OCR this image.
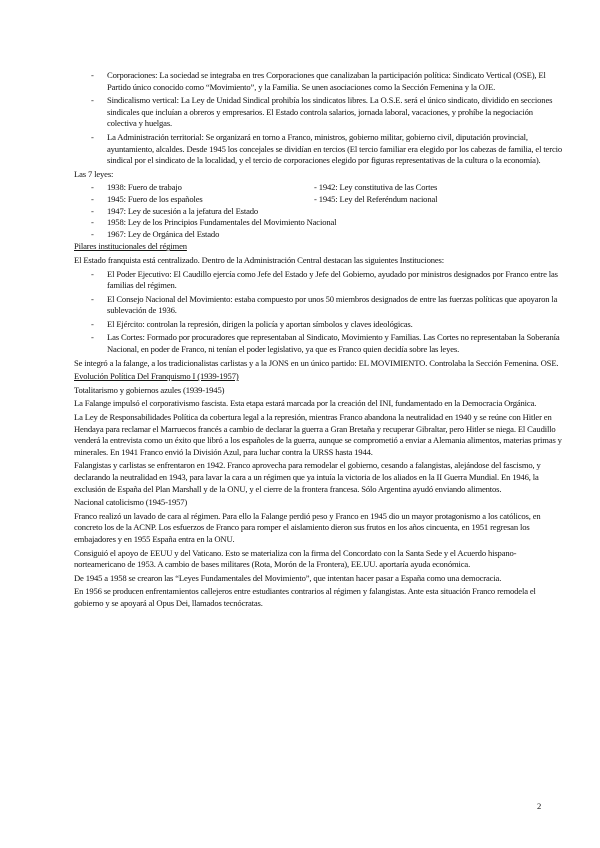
- Corporaciones: La sociedad se integraba en tres Corporaciones que canalizaban la participación política: Sindicato Vertical (OSE), El Partido único conocido como “Movimiento”, y la Familia. Se unen asociaciones como la Sección Femenina y la OJE.
- Sindicalismo vertical: La Ley de Unidad Sindical prohibía los sindicatos libres. La O.S.E. será el único sindicato, dividido en secciones sindicales que incluían a obreros y empresarios. El Estado controla salarios, jornada laboral, vacaciones, y prohíbe la negociación colectiva y huelgas.
- La Administración territorial: Se organizará en torno a Franco, ministros, gobierno militar, gobierno civil, diputación provincial, ayuntamiento, alcaldes. Desde 1945 los concejales se dividían en tercios (El tercio familiar era elegido por los cabezas de familia, el tercio sindical por el sindicato de la localidad, y el tercio de corporaciones elegido por figuras representativas de la cultura o la economía).
Las 7 leyes:
- 1938: Fuero de trabajo	- 1942: Ley constitutiva de las Cortes
- 1945: Fuero de los españoles	- 1945: Ley del Referéndum nacional
- 1947: Ley de sucesión a la jefatura del Estado
- 1958: Ley de los Principios Fundamentales del Movimiento Nacional
- 1967: Ley de Orgánica del Estado
Pilares institucionales del régimen
El Estado franquista está centralizado. Dentro de la Administración Central destacan las siguientes Instituciones:
- El Poder Ejecutivo: El Caudillo ejercía como Jefe del Estado y Jefe del Gobierno, ayudado por ministros designados por Franco entre las familias del régimen.
- El Consejo Nacional del Movimiento: estaba compuesto por unos 50 miembros designados de entre las fuerzas políticas que apoyaron la sublevación de 1936.
- El Ejército: controlan la represión, dirigen la policía y aportan símbolos y claves ideológicas.
- Las Cortes: Formado por procuradores que representaban al Sindicato, Movimiento y Familias. Las Cortes no representaban la Soberanía Nacional, en poder de Franco, ni tenían el poder legislativo, ya que es Franco quien decidía sobre las leyes.
Se integró a la falange, a los tradicionalistas carlistas y a la JONS en un único partido: EL MOVIMIENTO. Controlaba la Sección Femenina. OSE.
Evolución Política Del Franquismo I (1939-1957)
Totalitarismo y gobiernos azules (1939-1945)
La Falange impulsó el corporativismo fascista. Esta etapa estará marcada por la creación del INI, fundamentado en la Democracia Orgánica.
La Ley de Responsabilidades Política da cobertura legal a la represión, mientras Franco abandona la neutralidad en 1940 y se reúne con Hitler en Hendaya para reclamar el Marruecos francés a cambio de declarar la guerra a Gran Bretaña y recuperar Gibraltar, pero Hitler se niega. El Caudillo venderá la entrevista como un éxito que libró a los españoles de la guerra, aunque se comprometió a enviar a Alemania alimentos, materias primas y minerales. En 1941 Franco envió la División Azul, para luchar contra la URSS hasta 1944.
Falangistas y carlistas se enfrentaron en 1942. Franco aprovecha para remodelar el gobierno, cesando a falangistas, alejándose del fascismo, y declarando la neutralidad en 1943, para lavar la cara a un régimen que ya intuía la victoria de los aliados en la II Guerra Mundial. En 1946, la exclusión de España del Plan Marshall y de la ONU, y el cierre de la frontera francesa. Sólo Argentina ayudó enviando alimentos.
Nacional catolicismo (1945-1957)
Franco realizó un lavado de cara al régimen. Para ello la Falange perdió peso y Franco en 1945 dio un mayor protagonismo a los católicos, en concreto los de la ACNP. Los esfuerzos de Franco para romper el aislamiento dieron sus frutos en los años cincuenta, en 1951 regresan los embajadores y en 1955 España entra en la ONU.
Consiguió el apoyo de EEUU y del Vaticano. Esto se materializa con la firma del Concordato con la Santa Sede y el Acuerdo hispano-norteamericano de 1953. A cambio de bases militares (Rota, Morón de la Frontera), EE.UU. aportaría ayuda económica.
De 1945 a 1958 se crearon las “Leyes Fundamentales del Movimiento”, que intentan hacer pasar a España como una democracia.
En 1956 se producen enfrentamientos callejeros entre estudiantes contrarios al régimen y falangistas. Ante esta situación Franco remodela el gobierno y se apoyará al Opus Dei, llamados tecnócratas.
2
